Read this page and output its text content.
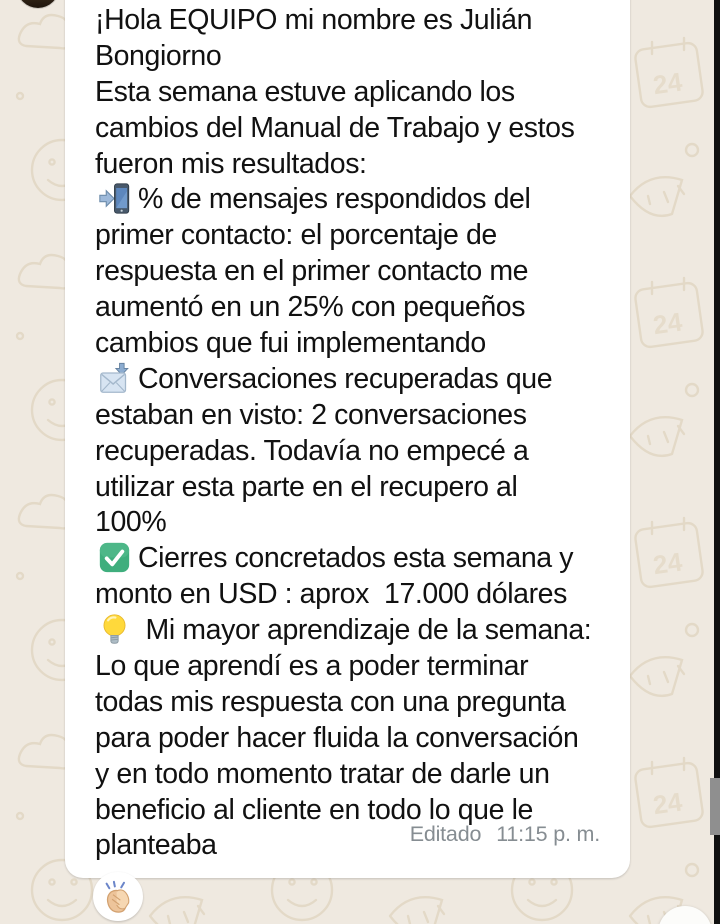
¡Hola EQUIPO mi nombre es Julián
Bongiorno
Esta semana estuve aplicando los
cambios del Manual de Trabajo y estos
fueron mis resultados:
% de mensajes respondidos del
primer contacto: el porcentaje de
respuesta en el primer contacto me
aumentó en un 25% con pequeños
cambios que fui implementando
Conversaciones recuperadas que
estaban en visto: 2 conversaciones
recuperadas. Todavía no empecé a
utilizar esta parte en el recupero al
100%
Cierres concretados esta semana y
monto en USD : aprox  17.000 dólares
Mi mayor aprendizaje de la semana:
Lo que aprendí es a poder terminar
todas mis respuesta con una pregunta
para poder hacer fluida la conversación
y en todo momento tratar de darle un
beneficio al cliente en todo lo que le
planteaba	Editado 11:15 p. m.
